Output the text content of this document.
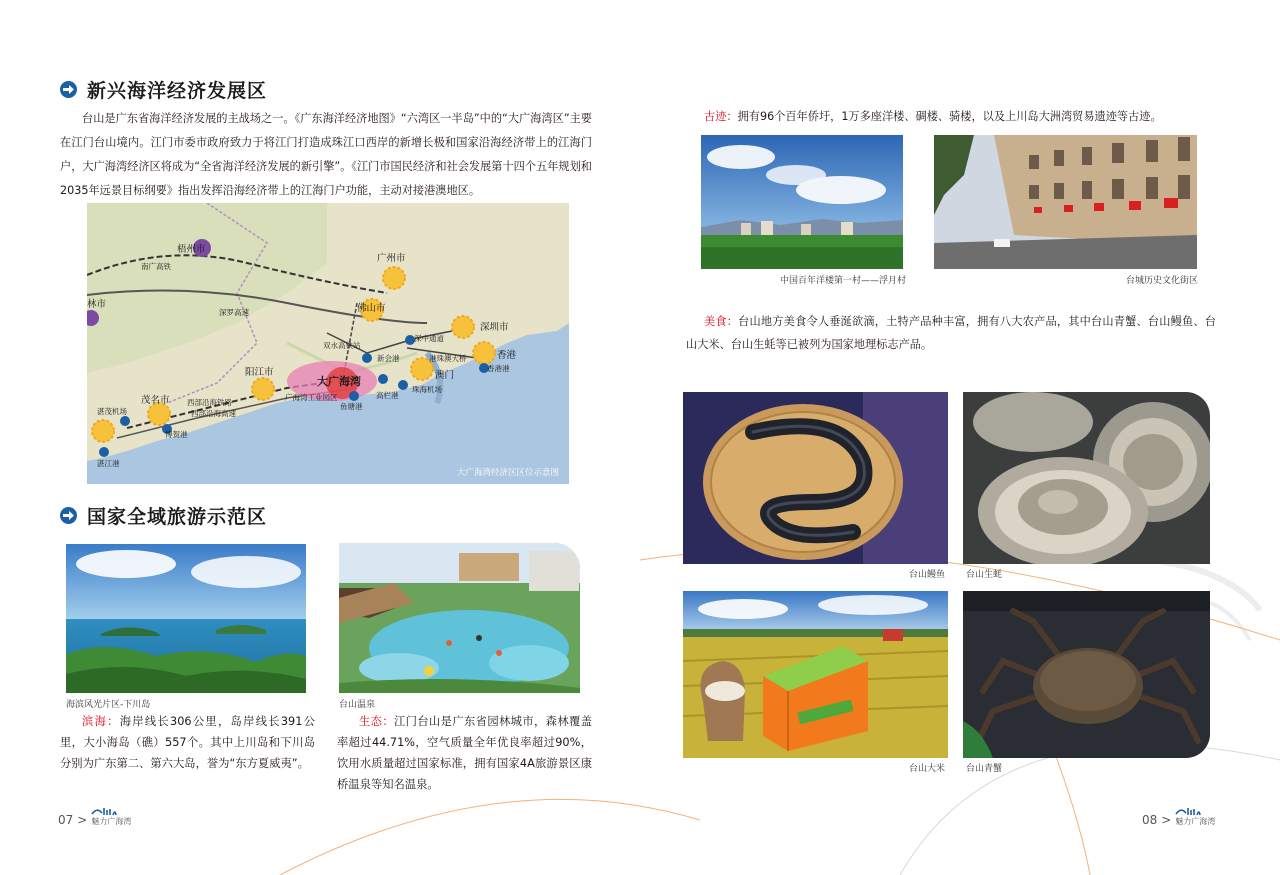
新兴海洋经济发展区

台山是广东省海洋经济发展的主战场之一。《广东海洋经济地图》“六湾区一半岛”中的“大广海湾区”主要在江门台山境内。江门市委市政府致力于将江门打造成珠江口西岸的新增长极和国家沿海经济带上的江海门户，大广海湾经济区将成为“全省海洋经济发展的新引擎”。《江门市国民经济和社会发展第十四个五年规划和2035年远景目标纲要》指出发挥沿海经济带上的江海门户功能，主动对接港澳地区。

梧州市
广州市
佛山市
深圳市
香港
澳门
阳江市
茂名市
林市
大广海湾
南广高铁
深罗高速
西部沿海铁路
西部沿海高速
双水高铁站
新会港
深中通道
港珠澳大桥
珠海机场
高栏港
广海湾工业园区
鱼塘港
湛茂机场
博贺港
湛江港
香港港
大广海湾经济区区位示意图
国家全域旅游示范区
海滨风光片区-下川岛	台山温泉

滨海：海岸线长306公里，岛岸线长391公里，大小海岛（礁）557个。其中上川岛和下川岛分别为广东第二、第六大岛，誉为“东方夏威夷”。

生态：江门台山是广东省园林城市，森林覆盖率超过44.71%，空气质量全年优良率超过90%，饮用水质量超过国家标准，拥有国家4A旅游景区康桥温泉等知名温泉。

07 > 魅力广海湾

古迹：拥有96个百年侨圩，1万多座洋楼、碉楼、骑楼，以及上川岛大洲湾贸易遗迹等古迹。

中国百年洋楼第一村——浮月村	台城历史文化街区

美食：台山地方美食令人垂涎欲滴，土特产品种丰富，拥有八大农产品，其中台山青蟹、台山鳗鱼、台山大米、台山生蚝等已被列为国家地理标志产品。

台山鳗鱼 台山生蚝
台山大米 台山青蟹
08 > 魅力广海湾
